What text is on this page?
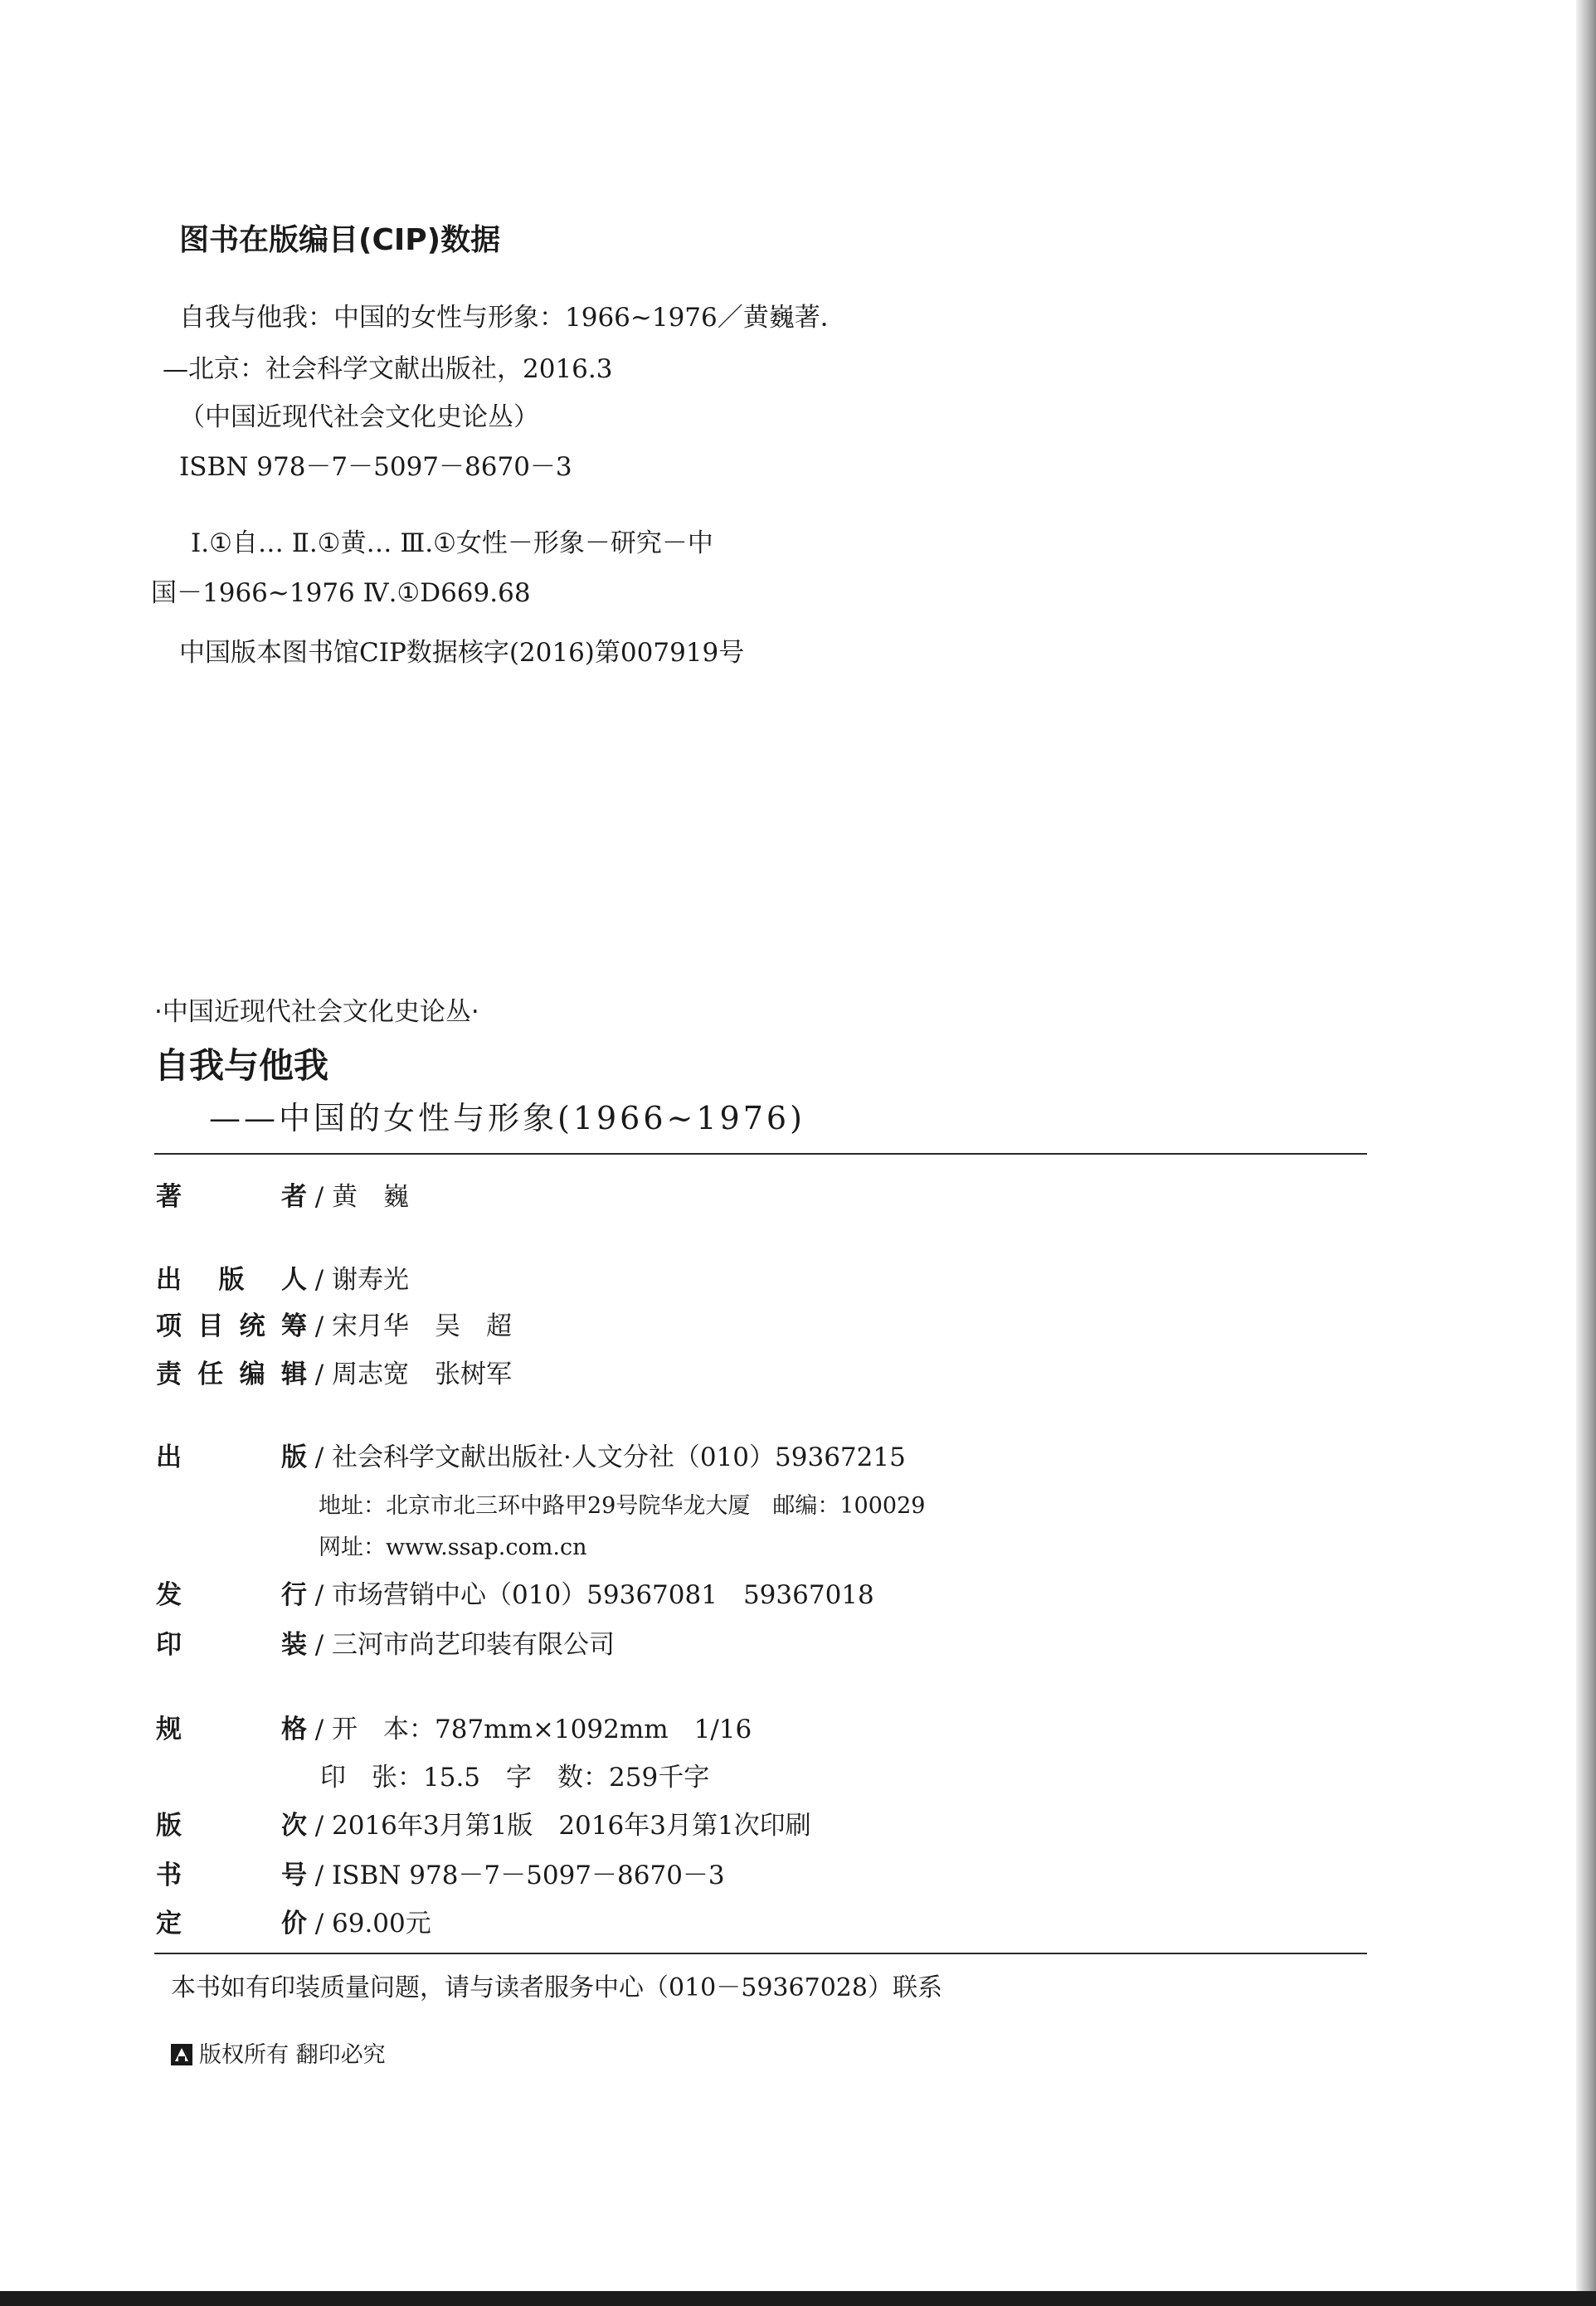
图书在版编目(CIP)数据
自我与他我：中国的女性与形象：1966~1976／黄巍著．
—北京：社会科学文献出版社，2016.3
（中国近现代社会文化史论丛）
ISBN 978－7－5097－8670－3
Ⅰ.①自… Ⅱ.①黄… Ⅲ.①女性－形象－研究－中
国－1966~1976 Ⅳ.①D669.68
中国版本图书馆CIP数据核字(2016)第007919号
·中国近现代社会文化史论丛·
自我与他我
——中国的女性与形象(1966~1976)
著 者 / 黄　巍
出版人 / 谢寿光
项目统筹 / 宋月华　吴　超
责任编辑 / 周志宽　张树军
出 版 / 社会科学文献出版社·人文分社（010）59367215
地址：北京市北三环中路甲29号院华龙大厦　邮编：100029
网址：www.ssap.com.cn
发 行 / 市场营销中心（010）59367081　59367018
印 装 / 三河市尚艺印装有限公司
规 格 / 开　本：787mm×1092mm　1/16
印　张：15.5　字　数：259千字
版 次 / 2016年3月第1版　2016年3月第1次印刷
书 号 / ISBN 978－7－5097－8670－3
定 价 / 69.00元
本书如有印装质量问题，请与读者服务中心（010－59367028）联系
版权所有 翻印必究
